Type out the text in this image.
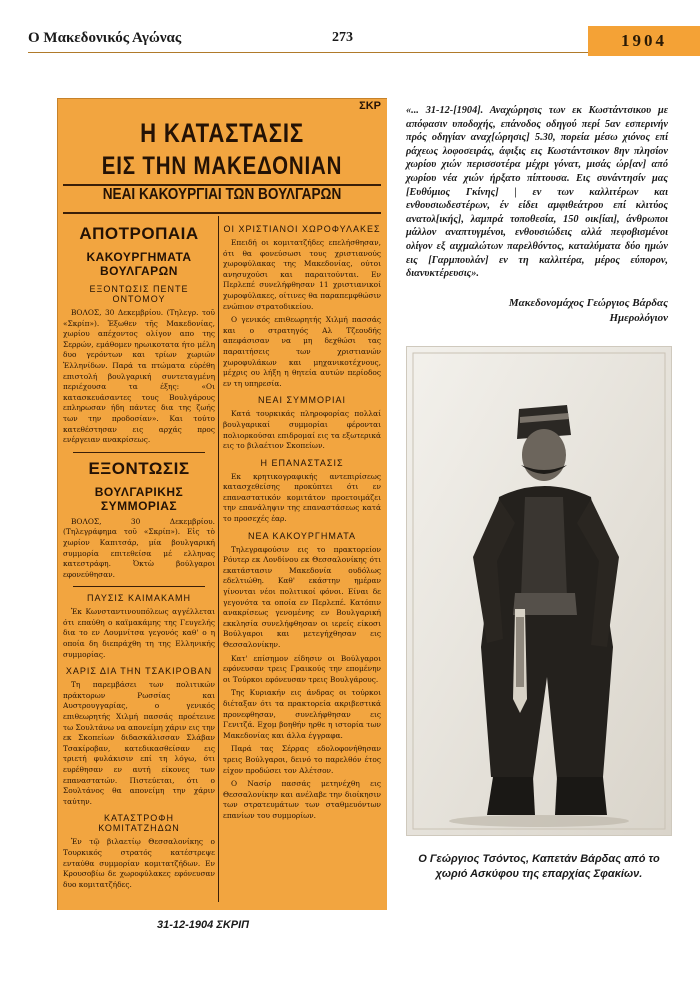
Ο Μακεδονικός Αγώνας	273	1904
ΣΚΡ
Η ΚΑΤΑΣΤΑΣΙΣ
ΕΙΣ ΤΗΝ ΜΑΚΕΔΟΝΙΑΝ
ΝΕΑΙ ΚΑΚΟΥΡΓΙΑΙ ΤΩΝ ΒΟΥΛΓΑΡΩΝ
ΑΠΟΤΡΟΠΑΙΑ
ΚΑΚΟΥΡΓΗΜΑΤΑ ΒΟΥΛΓΑΡΩΝ
ΕΞΟΝΤΩΣΙΣ ΠΕΝΤΕ ΟΝΤΟΜΟΥ

ΒΟΛΟΣ, 30 Δεκεμβρίου. (Τηλεγρ. τοῦ «Σκρίπ»). Ἐξωθεν τῆς Μακεδονίας, χωρίου απέχοντος ολίγον απο της Σερρών, εμάθομεν ηρωικοτατα ήτο μέλη δυο γερόντων και τρίων χωριών Ἑλληνίδων. Παρά τα πτώματα εύρέθη επιστολή βουλγαρική συντεταγμένη περιέχουσα τα έξης: «Οι κατασκευάσαντες τους Βουλγάρους επληρωσαν ήδη πάντες δια της ζωής των την προδοσίαν». Και τούτο κατεθέστησαν εις αρχάς προς ενέργειαν ανακρίσεως.

ΕΞΟΝΤΩΣΙΣ
ΒΟΥΛΓΑΡΙΚΗΣ ΣΥΜΜΟΡΙΑΣ

ΒΟΛΟΣ, 30 Δεκεμβρίου. (Τηλεγράφημα τοῦ «Σκρίπ»). Εἰς τὸ χωρίον Καπιτσάρ, μία βουλγαρική συμμορία επιτεθείσα μέ ελληνας κατεστράφη. Ὀκτὼ βούλγαροι εφονεύθησαν.

ΠΑΥΣΙΣ ΚΑΙΜΑΚΑΜΗ

Ἐκ Κωνσταντινουπόλεως αγγέλλεται ότι επαύθη ο καϊμακάμης της Γευγελής δια το εν Λουμνίτσα γεγονός καθ' ο η οποία δη διεπράχθη τη της Ελληνικής συμμορίας.

ΧΑΡΙΣ ΔΙΑ ΤΗΝ ΤΣΑΚΙΡΟΒΑΝ

Τη παρεμβάσει των πολιτικών πράκτορων Ρωσσίας και Αυστρουγγαρίας, ο γενικός επιθεωρητής Χιλμή πασσάς προέτεινε τω Σουλτάνω να απονείμη χάριν εις την εκ Σκοπείων διδασκάλισσαν Σλάβαν Τσακίροβαν, κατεδικασθείσαν εις τριετή φυλάκισιν επί τη λόγω, ότι ευρέθησαν εν αυτή είκονες των επαναστατών. Πιστεύεται, ότι ο Σουλτάνος θα απονείμη την χάριν ταύτην.

ΚΑΤΑΣΤΡΟΦΗ ΚΟΜΙΤΑΤΖΗΔΩΝ

Ἐν τῷ βιλαετίῳ Θεσσαλονίκης ο Τουρκικός στρατός κατέστρεψε ενταύθα συμμορίαν κομιτατζήδων. Εν Κρουσοβίω δε χωροφύλακες εφόνευσαν δυο κομιτατζήδες.

ΟΙ ΧΡΙΣΤΙΑΝΟΙ ΧΩΡΟΦΥΛΑΚΕΣ

Επειδή οι κομιτατζήδες επελήσθησαν, ότι θα φονεύσωσι τους χριστιανούς χωροφύλακας της Μακεδονίας, ούτοι ανησυχούσι και παραιτούνται. Εν Περλεπέ συνελήφθησαν 11 χριστιανικοί χωροφύλακες, οίτινες θα παραπεμφθώσιν ενώπιον στρατοδικείου.

Ο γενικός επιθεωρητής Χιλμή πασσάς και ο στρατηγός Αλ Τζεουδής απεφάσισαν να μη δεχθώσι τας παραιτήσεις των χριστιανών χωροφυλάκων και μηχανικοτέχνους, μέχρις ου λήξη η θητεία αυτών περίοδος εν τη υπηρεσία.

ΝΕΑΙ ΣΥΜΜΟΡΙΑΙ

Κατά τουρκικάς πληροφορίας πολλαί βουλγαρικαί συμμορίαι φέρονται πολιορκούσαι επιδρομαί εις τα εξωτερικά εις το βιλαέτιον Σκοπείων.

Η ΕΠΑΝΑΣΤΑΣΙΣ

Εκ κρητικογραφικής αντεπιρίσεως κατασχεθείσης προκύπτει ότι εν επαναστατικόν κομιτάτον προετοιμάζει την επανάληψιν της επαναστάσεως κατά το προσεχές έαρ.

ΝΕΑ ΚΑΚΟΥΡΓΗΜΑΤΑ

Τηλεγραφούσιν εις το πρακτορείον Ρόυτερ εκ Λονδίνου εκ Θεσσαλονίκης ότι εκατάστασιν Μακεδονία ουδόλως εδελτιώθη. Καθ' εκάστην ημέραν γίνονται νέοι πολιτικοί φόνοι. Είναι δε γεγονότα τα οποία εν Περλεπέ. Κατόπιν ανακρίσεως γενομένης εν Βουλγαρική εκκλησία συνελήφθησαν οι ιερείς είκοσι Βούλγαροι και μετεγήχθησαν εις Θεσσαλονίκην.

Κατ' επίσημον είδησιν οι Βούλγαροι εφόνευσαν τρεις Γραικούς την επομένην οι Τούρκοι εφόνευσαν τρεις Βουλγάρους.

Της Κυριακήν εις άνδρας οι τούρκοι διέταξαν ότι τα πρακτορεία ακριβεστικά προνεφθησαν, συνελήφθησαν εις Γενιτζά. Εχομ βοηθήν ηρθε η ιστορία των Μακεδονίας και άλλα έγγραφα.

Παρά τας Σέρρας εδολοφονήθησαν τρεις Βούλγαροι, δεινό το παρελθόν έτος είχον προδώσει τον Αλέτσον.

Ο Νασίρ πασσάς μετηνέχθη εις Θεσσαλονίκην και ανέλαβε την διοίκησιν των στρατευμάτων των σταθμευόντων επανίων του συμμορίων.

31-12-1904 ΣΚΡΙΠ
«... 31-12-[1904]. Αναχώρησις των εκ Κωστάντσικου με απόφασιν υποδοχής, επάνοδος οδηγού περί 5αν εσπερινήν πρός οδηγίαν αναχ[ώρησις] 5.30, πορεία μέσω χιόνος επί ράχεως λοφοσειράς, άφιξις εις Κωστάντσικον 8ην πλησίον χωρίου χιών περισσοτέρα μέχρι γόνατ, μισάς ώρ[αν] από χωρίου νέα χιών ήρξατο πίπτουσα. Εις συνάντησίν μας [Ευθύμιος Γκίνης] | εν των καλλιτέρων και ενθουσιωδεστέρων, έν είδει αμφιθεάτρου επί κλιτύος ανατολ[ικής], λαμπρά τοποθεσία, 150 οικ[ίαι], άνθρωποι μάλλον αναπτυγμένοι, ενθουσιώδεις αλλά πεφοβισμένοι ολίγον εξ αιχμαλώτων παρελθόντος, καταλύματα δύο ημών εις [Γαρμπουλάν] εν τη καλλιτέρα, μέρος εύπορον, διανυκτέρευσις».
Μακεδονομάχος Γεώργιος Βάρδας
Ημερολόγιον
Ο Γεώργιος Τσόντος, Καπετάν Βάρδας από το χωριό Ασκύφου της επαρχίας Σφακίων.
